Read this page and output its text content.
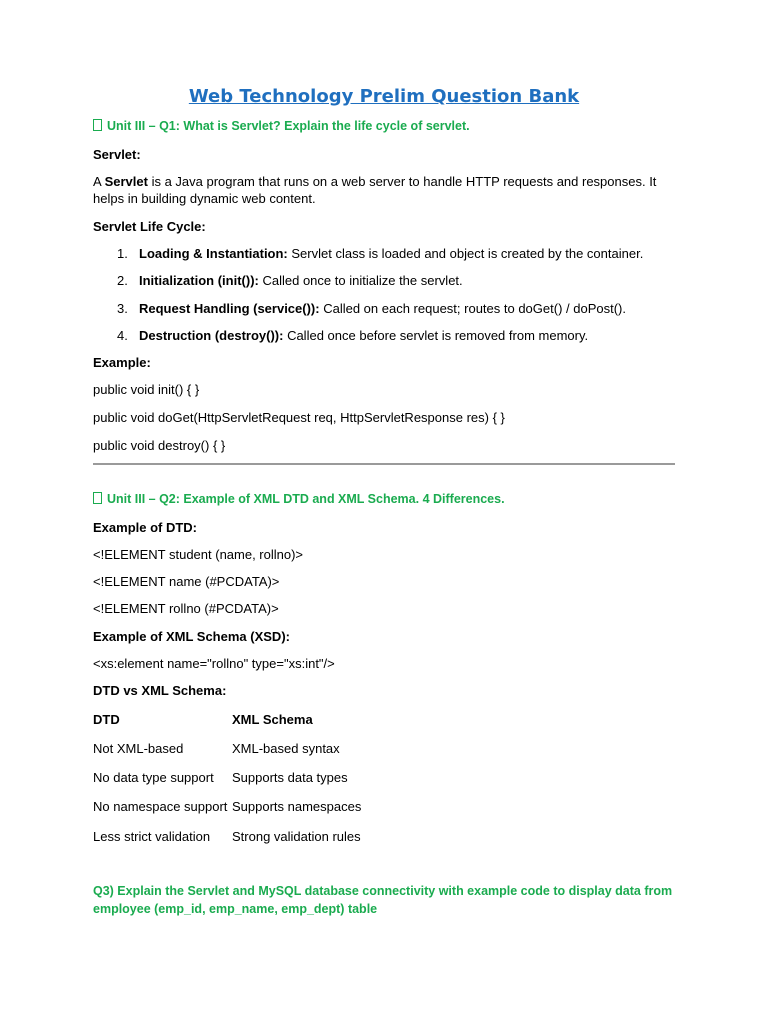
Web Technology Prelim Question Bank
Unit III – Q1: What is Servlet? Explain the life cycle of servlet.
Servlet:
A Servlet is a Java program that runs on a web server to handle HTTP requests and responses. It
helps in building dynamic web content.
Servlet Life Cycle:
1. Loading & Instantiation: Servlet class is loaded and object is created by the container.
2. Initialization (init()): Called once to initialize the servlet.
3. Request Handling (service()): Called on each request; routes to doGet() / doPost().
4. Destruction (destroy()): Called once before servlet is removed from memory.
Example:
public void init() { }
public void doGet(HttpServletRequest req, HttpServletResponse res) { }
public void destroy() { }
Unit III – Q2: Example of XML DTD and XML Schema. 4 Differences.
Example of DTD:
<!ELEMENT student (name, rollno)>
<!ELEMENT name (#PCDATA)>
<!ELEMENT rollno (#PCDATA)>
Example of XML Schema (XSD):
<xs:element name="rollno" type="xs:int"/>
DTD vs XML Schema:
DTD	XML Schema
Not XML-based	XML-based syntax
No data type support Supports data types
No namespace support Supports namespaces
Less strict validation Strong validation rules
Q3) Explain the Servlet and MySQL database connectivity with example code to display data from
employee (emp_id, emp_name, emp_dept) table
